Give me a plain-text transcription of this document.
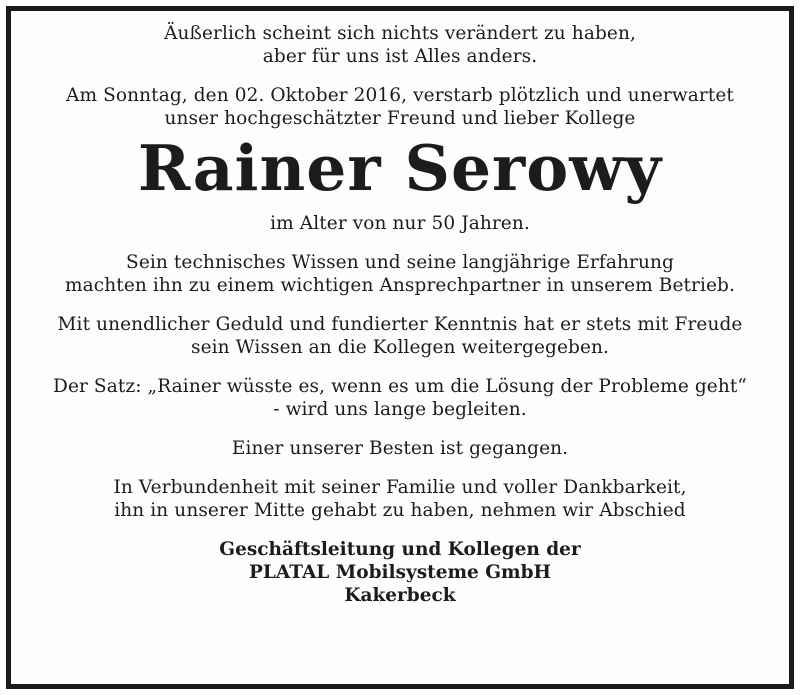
Äußerlich scheint sich nichts verändert zu haben,
aber für uns ist Alles anders.

Am Sonntag, den 02. Oktober 2016, verstarb plötzlich und unerwartet
unser hochgeschätzter Freund und lieber Kollege

Rainer Serowy

im Alter von nur 50 Jahren.

Sein technisches Wissen und seine langjährige Erfahrung
machten ihn zu einem wichtigen Ansprechpartner in unserem Betrieb.

Mit unendlicher Geduld und fundierter Kenntnis hat er stets mit Freude
sein Wissen an die Kollegen weitergegeben.

Der Satz: „Rainer wüsste es, wenn es um die Lösung der Probleme geht“
- wird uns lange begleiten.

Einer unserer Besten ist gegangen.

In Verbundenheit mit seiner Familie und voller Dankbarkeit,
ihn in unserer Mitte gehabt zu haben, nehmen wir Abschied

Geschäftsleitung und Kollegen der
PLATAL Mobilsysteme GmbH
Kakerbeck
